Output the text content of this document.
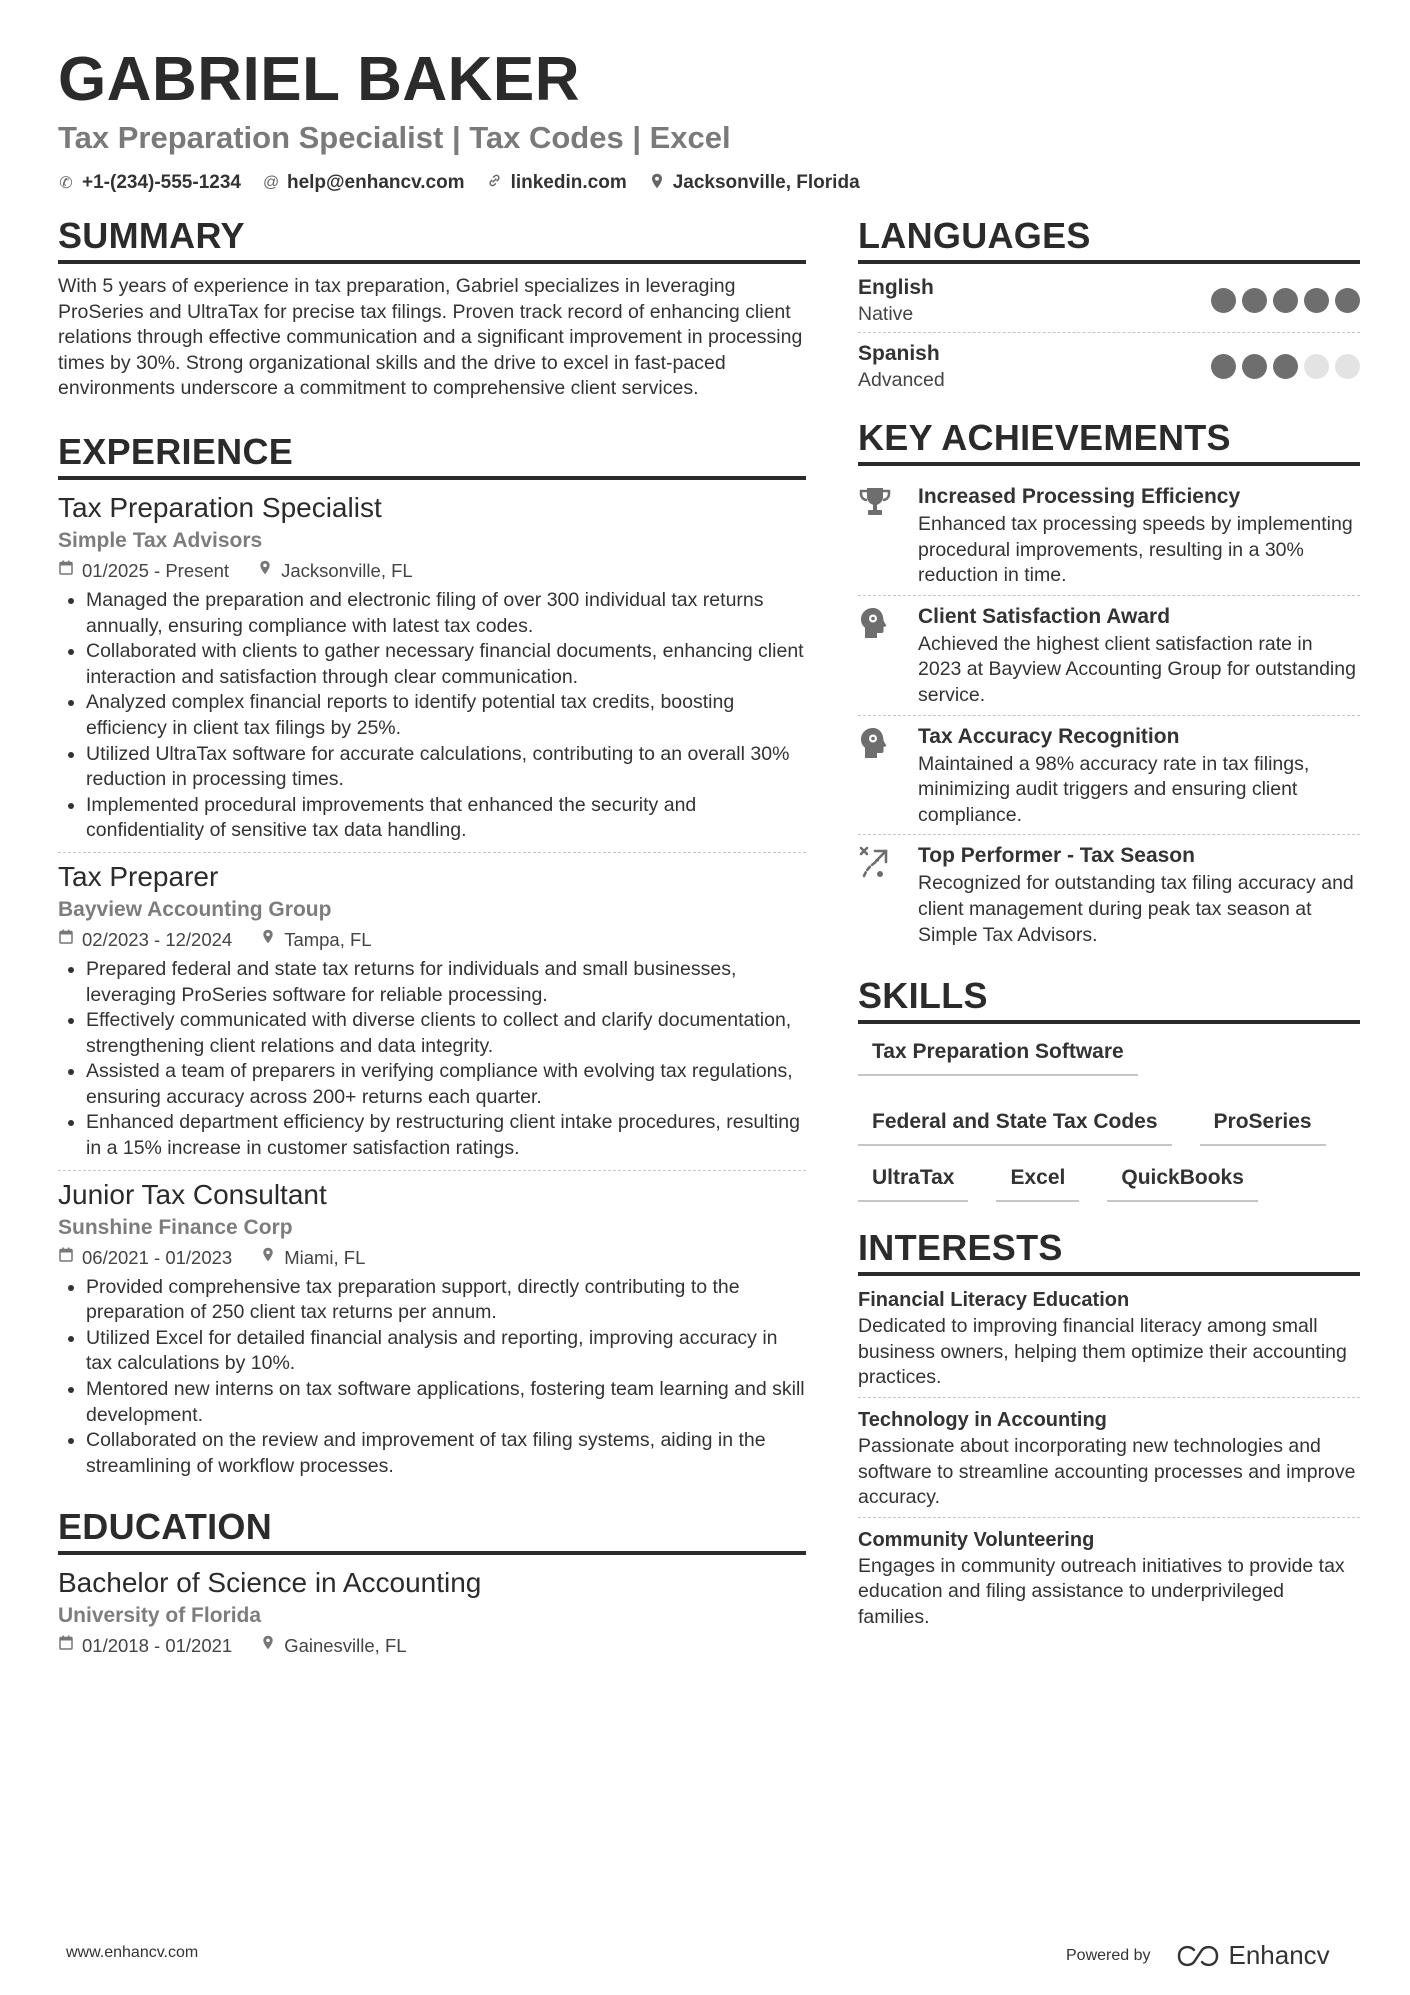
GABRIEL BAKER
Tax Preparation Specialist | Tax Codes | Excel
✆ +1-(234)-555-1234 @ help@enhancv.com linkedin.com Jacksonville, Florida
SUMMARY
With 5 years of experience in tax preparation, Gabriel specializes in leveraging ProSeries and UltraTax for precise tax filings. Proven track record of enhancing client relations through effective communication and a significant improvement in processing times by 30%. Strong organizational skills and the drive to excel in fast-paced environments underscore a commitment to comprehensive client services.
EXPERIENCE
Tax Preparation Specialist
Simple Tax Advisors
01/2025 - Present	Jacksonville, FL
• Managed the preparation and electronic filing of over 300 individual tax returns annually, ensuring compliance with latest tax codes.
• Collaborated with clients to gather necessary financial documents, enhancing client interaction and satisfaction through clear communication.
• Analyzed complex financial reports to identify potential tax credits, boosting efficiency in client tax filings by 25%.
• Utilized UltraTax software for accurate calculations, contributing to an overall 30% reduction in processing times.
• Implemented procedural improvements that enhanced the security and confidentiality of sensitive tax data handling.
Tax Preparer
Bayview Accounting Group
02/2023 - 12/2024	Tampa, FL
• Prepared federal and state tax returns for individuals and small businesses, leveraging ProSeries software for reliable processing.
• Effectively communicated with diverse clients to collect and clarify documentation, strengthening client relations and data integrity.
• Assisted a team of preparers in verifying compliance with evolving tax regulations, ensuring accuracy across 200+ returns each quarter.
• Enhanced department efficiency by restructuring client intake procedures, resulting in a 15% increase in customer satisfaction ratings.
Junior Tax Consultant
Sunshine Finance Corp
06/2021 - 01/2023	Miami, FL
• Provided comprehensive tax preparation support, directly contributing to the preparation of 250 client tax returns per annum.
• Utilized Excel for detailed financial analysis and reporting, improving accuracy in tax calculations by 10%.
• Mentored new interns on tax software applications, fostering team learning and skill development.
• Collaborated on the review and improvement of tax filing systems, aiding in the streamlining of workflow processes.
EDUCATION
Bachelor of Science in Accounting
University of Florida
01/2018 - 01/2021	Gainesville, FL
LANGUAGES
English
Native
Spanish
Advanced
KEY ACHIEVEMENTS
Increased Processing Efficiency
Enhanced tax processing speeds by implementing procedural improvements, resulting in a 30% reduction in time.
Client Satisfaction Award
Achieved the highest client satisfaction rate in 2023 at Bayview Accounting Group for outstanding service.
Tax Accuracy Recognition
Maintained a 98% accuracy rate in tax filings, minimizing audit triggers and ensuring client compliance.
Top Performer - Tax Season
Recognized for outstanding tax filing accuracy and client management during peak tax season at Simple Tax Advisors.
SKILLS
Tax Preparation Software
Federal and State Tax Codes	ProSeries
UltraTax	Excel	QuickBooks
INTERESTS
Financial Literacy Education
Dedicated to improving financial literacy among small business owners, helping them optimize their accounting practices.
Technology in Accounting
Passionate about incorporating new technologies and software to streamline accounting processes and improve accuracy.
Community Volunteering
Engages in community outreach initiatives to provide tax education and filing assistance to underprivileged families.
www.enhancv.com	Powered by	Enhancv
